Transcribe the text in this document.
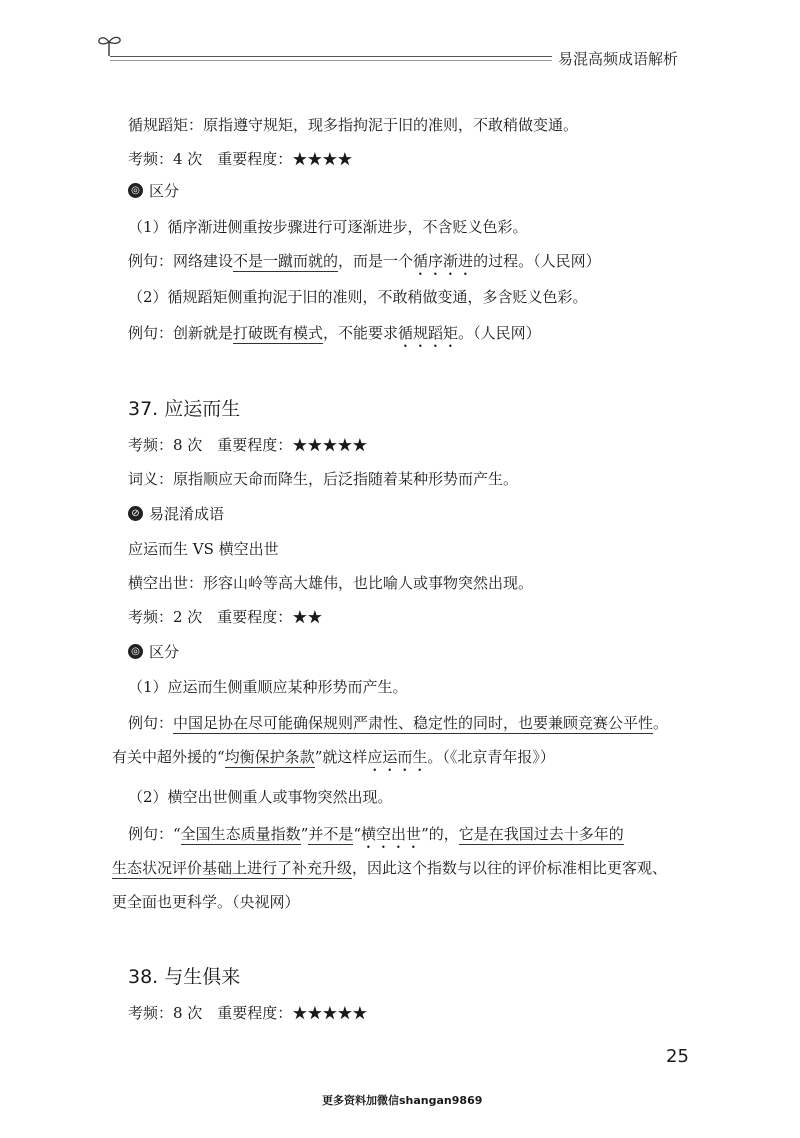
易混高频成语解析
循规蹈矩：原指遵守规矩，现多指拘泥于旧的准则，不敢稍做变通。
考频：4 次　重要程度：★★★★
◎ 区分
（1）循序渐进侧重按步骤进行可逐渐进步，不含贬义色彩。
例句：网络建设不是一蹴而就的，而是一个循序渐进的过程。（人民网）
（2）循规蹈矩侧重拘泥于旧的准则，不敢稍做变通，多含贬义色彩。
例句：创新就是打破既有模式，不能要求循规蹈矩。（人民网）
37. 应运而生
考频：8 次　重要程度：★★★★★
词义：原指顺应天命而降生，后泛指随着某种形势而产生。
⊘ 易混淆成语
应运而生 VS 横空出世
横空出世：形容山岭等高大雄伟，也比喻人或事物突然出现。
考频：2 次　重要程度：★★
◎ 区分
（1）应运而生侧重顺应某种形势而产生。
例句：中国足协在尽可能确保规则严肃性、稳定性的同时，也要兼顾竞赛公平性。
有关中超外援的“均衡保护条款”就这样应运而生。（《北京青年报》）
（2）横空出世侧重人或事物突然出现。
例句：“全国生态质量指数”并不是“横空出世”的，它是在我国过去十多年的
生态状况评价基础上进行了补充升级，因此这个指数与以往的评价标准相比更客观、
更全面也更科学。（央视网）
38. 与生俱来
考频：8 次　重要程度：★★★★★
25
更多资料加微信shangan9869
